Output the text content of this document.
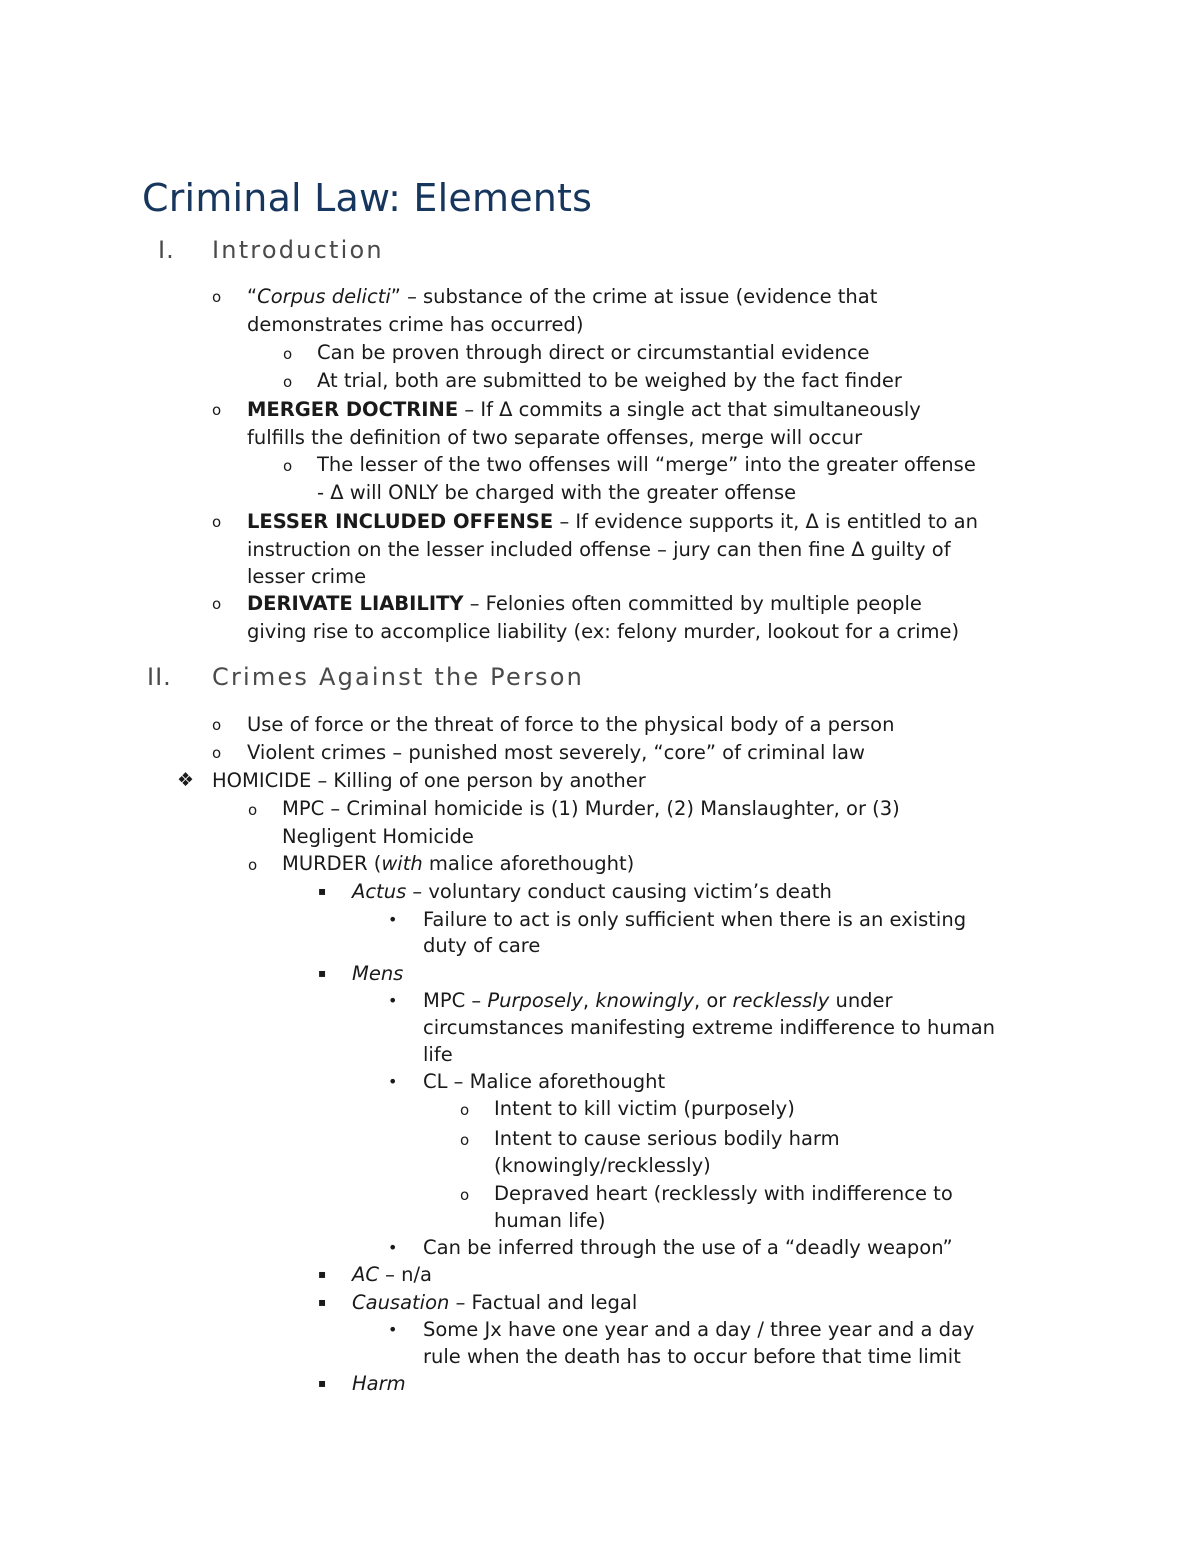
Criminal Law: Elements
I. Introduction
o “Corpus delicti” – substance of the crime at issue (evidence that
demonstrates crime has occurred)
o Can be proven through direct or circumstantial evidence
o At trial, both are submitted to be weighed by the fact finder
o MERGER DOCTRINE – If Δ commits a single act that simultaneously
fulfills the definition of two separate offenses, merge will occur
o The lesser of the two offenses will “merge” into the greater offense
- Δ will ONLY be charged with the greater offense
o LESSER INCLUDED OFFENSE – If evidence supports it, Δ is entitled to an
instruction on the lesser included offense – jury can then fine Δ guilty of
lesser crime
o DERIVATE LIABILITY – Felonies often committed by multiple people
giving rise to accomplice liability (ex: felony murder, lookout for a crime)
II. Crimes Against the Person
o Use of force or the threat of force to the physical body of a person
o Violent crimes – punished most severely, “core” of criminal law
❖ HOMICIDE – Killing of one person by another
o MPC – Criminal homicide is (1) Murder, (2) Manslaughter, or (3)
Negligent Homicide
o MURDER (with malice aforethought)
▪ Actus – voluntary conduct causing victim’s death
• Failure to act is only sufficient when there is an existing
duty of care
▪ Mens
• MPC – Purposely, knowingly, or recklessly under
circumstances manifesting extreme indifference to human
life
• CL – Malice aforethought
o Intent to kill victim (purposely)
o Intent to cause serious bodily harm
(knowingly/recklessly)
o Depraved heart (recklessly with indifference to
human life)
• Can be inferred through the use of a “deadly weapon”
▪ AC – n/a
▪ Causation – Factual and legal
• Some Jx have one year and a day / three year and a day
rule when the death has to occur before that time limit
▪ Harm
